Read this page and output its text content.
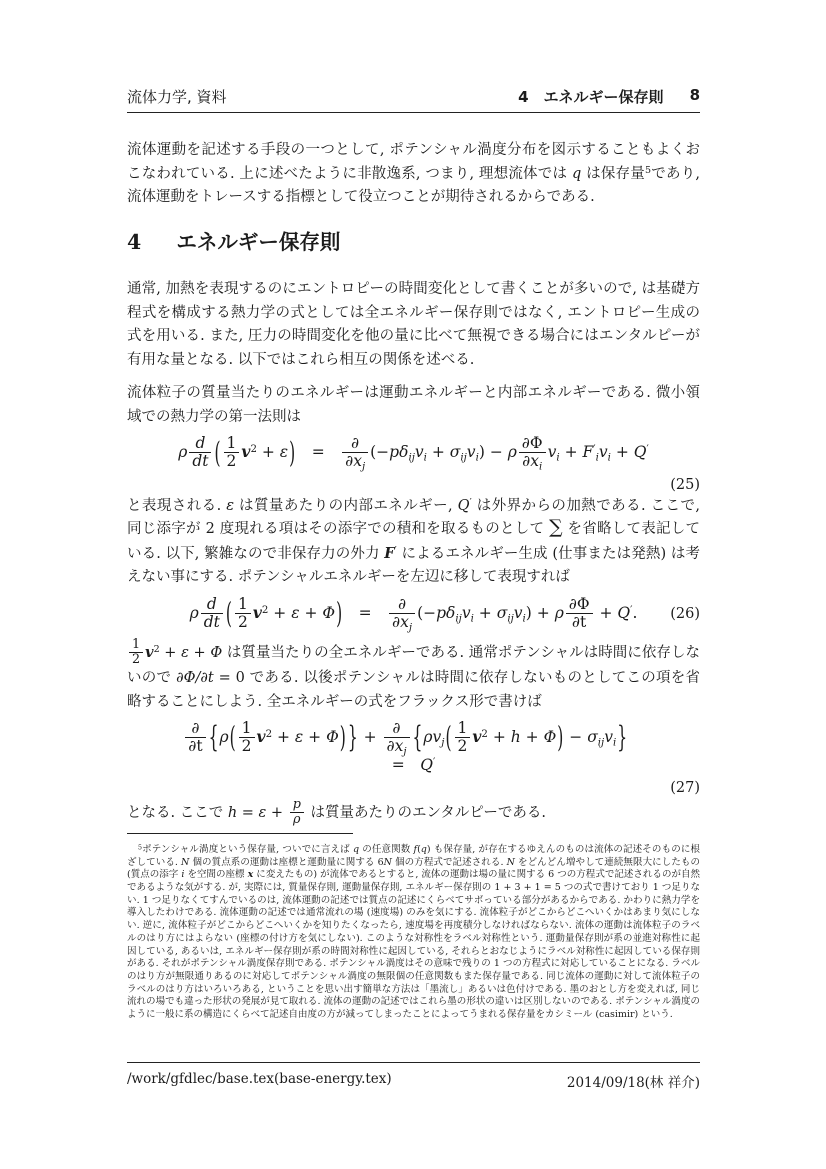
流体力学, 資料	4　エネルギー保存則 8

流体運動を記述する手段の一つとして, ポテンシャル渦度分布を図示することもよくおこなわれている. 上に述べたように非散逸系, つまり, 理想流体では q は保存量$^5$であり, 流体運動をトレースする指標として役立つことが期待されるからである.

4 エネルギー保存則

通常, 加熱を表現するのにエントロピーの時間変化として書くことが多いので, は基礎方程式を構成する熱力学の式としては全エネルギー保存則ではなく, エントロピー生成の式を用いる. また, 圧力の時間変化を他の量に比べて無視できる場合にはエンタルピーが有用な量となる. 以下ではこれら相互の関係を述べる.

流体粒子の質量当たりのエネルギーは運動エネルギーと内部エネルギーである. 微小領域での熱力学の第一法則は

ρ $\frac{d}{dt}$ ( $\frac{1}{2} v^2 + \varepsilon$) =  $\frac{\partial}{\partial x_j} (-p\delta_{ij}v_i + \sigma_{ij}v_i) - \rho \frac{\partial\Phi}{\partial x_i} v_i + F'_iv_i + Q'$
(25)

と表現される. ε は質量あたりの内部エネルギー, Q′ は外界からの加熱である. ここで, 同じ添字が 2 度現れる項はその添字での積和を取るものとして ∑ を省略して表記している. 以下, 繁雑なので非保存力の外力 F′ によるエネルギー生成 (仕事または発熱) は考えない事にする. ポテンシャルエネルギーを左辺に移して表現すれば

ρ $\frac{d}{dt}$ ( $\frac{1}{2} v^2 + \varepsilon + \Phi$) =  $\frac{\partial}{\partial x_j} (-p\delta_{ij}v_i + \sigma_{ij}v_i) + \rho \frac{\partial\Phi}{\partial t} + Q'$.	(26)

$\frac{1}{2} v^2 + \varepsilon + \Phi$ は質量当たりの全エネルギーである. 通常ポテンシャルは時間に依存しないので ∂Φ/∂t = 0 である. 以後ポテンシャルは時間に依存しないものとしてこの項を省略することにしよう. 全エネルギーの式をフラックス形で書けば

$\frac{\partial}{\partial t} \{\rho( \frac{1}{2} v^2 + \varepsilon + \Phi)$ } + $\frac{\partial}{\partial x_j} \{\rho v_j( \frac{1}{2} v^2 + h + \Phi) - \sigma_{ij}v_i\}$ = Q′
(27)

となる. ここで $h = \varepsilon + \frac{p}{\rho}$ は質量あたりのエンタルピーである.

$^5$ポテンシャル渦度という保存量, ついでに言えば q の任意関数 f(q) も保存量, が存在するゆえんのものは流体の記述そのものに根ざしている. N 個の質点系の運動は座標と運動量に関する 6N 個の方程式で記述される. N をどんどん増やして連続無限大にしたもの (質点の添字 i を空間の座標 x に変えたもの) が流体であるとすると, 流体の運動は場の量に関する 6 つの方程式で記述されるのが自然であるような気がする. が, 実際には, 質量保存則, 運動量保存則, エネルギー保存則の 1 + 3 + 1 = 5 つの式で書けており 1 つ足りない. 1 つ足りなくてすんでいるのは, 流体運動の記述では質点の記述にくらべてサボっている部分があるからである. かわりに熱力学を導入したわけである. 流体運動の記述では通常流れの場 (速度場) のみを気にする. 流体粒子がどこからどこへいくかはあまり気にしない. 逆に, 流体粒子がどこからどこへいくかを知りたくなったら, 速度場を再度積分しなければならない. 流体の運動は流体粒子のラベルのはり方にはよらない (座標の付け方を気にしない). このような対称性をラベル対称性という. 運動量保存則が系の並進対称性に起因している, あるいは, エネルギー保存則が系の時間対称性に起因している, それらとおなじようにラベル対称性に起因している保存則がある. それがポテンシャル渦度保存則である. ポテンシャル渦度はその意味で残りの 1 つの方程式に対応していることになる. ラベルのはり方が無限通りあるのに対応してポテンシャル渦度の無限個の任意関数もまた保存量である. 同じ流体の運動に対して流体粒子のラベルのはり方はいろいろある, ということを思い出す簡単な方法は「墨流し」あるいは色付けである. 墨のおとし方を変えれば, 同じ流れの場でも違った形状の発展が見て取れる. 流体の運動の記述ではこれら墨の形状の違いは区別しないのである. ポテンシャル渦度のように一般に系の構造にくらべて記述自由度の方が減ってしまったことによってうまれる保存量をカシミール (casimir) という.

/work/gfdlec/base.tex(base-energy.tex)	2014/09/18(林 祥介)
